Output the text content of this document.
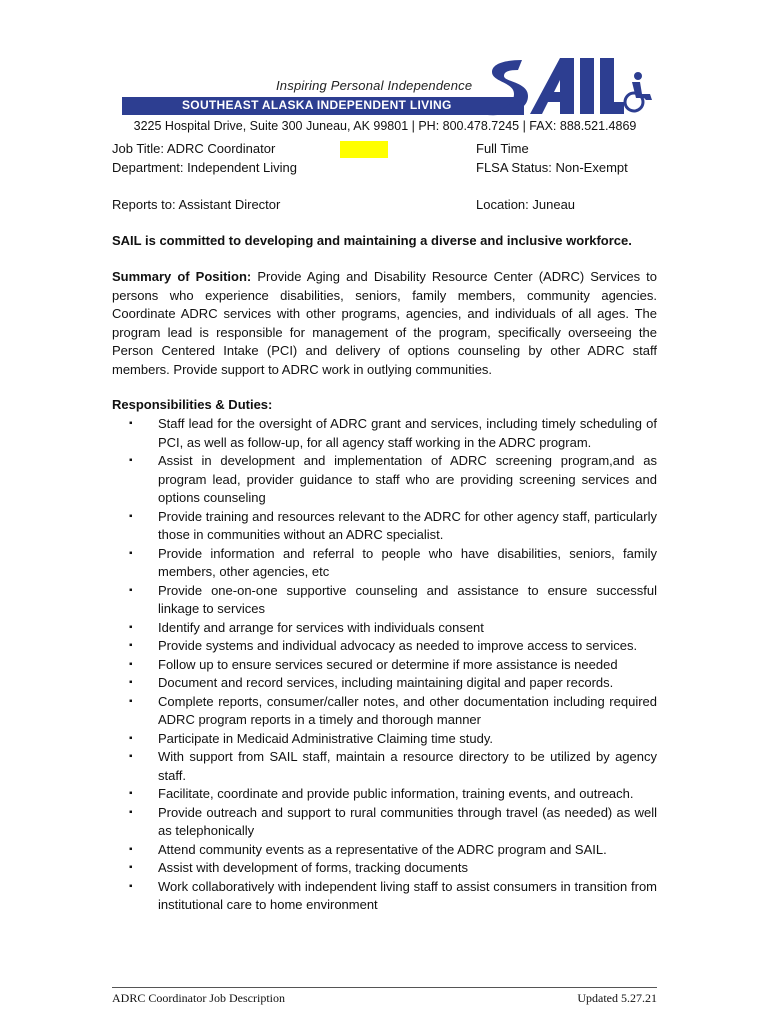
Inspiring Personal Independence
SOUTHEAST ALASKA INDEPENDENT LIVING
3225 Hospital Drive, Suite 300 Juneau, AK 99801 | PH: 800.478.7245 | FAX: 888.521.4869
Job Title: ADRC Coordinator	Full Time
Department: Independent Living	FLSA Status: Non-Exempt
Reports to: Assistant Director	Location: Juneau
SAIL is committed to developing and maintaining a diverse and inclusive workforce.
Summary of Position: Provide Aging and Disability Resource Center (ADRC) Services to persons who experience disabilities, seniors, family members, community agencies. Coordinate ADRC services with other programs, agencies, and individuals of all ages. The program lead is responsible for management of the program, specifically overseeing the Person Centered Intake (PCI) and delivery of options counseling by other ADRC staff members. Provide support to ADRC work in outlying communities.
Responsibilities & Duties:
▪ Staff lead for the oversight of ADRC grant and services, including timely scheduling of PCI, as well as follow-up, for all agency staff working in the ADRC program.
▪ Assist in development and implementation of ADRC screening program,and as program lead, provider guidance to staff who are providing screening services and options counseling
▪ Provide training and resources relevant to the ADRC for other agency staff, particularly those in communities without an ADRC specialist.
▪ Provide information and referral to people who have disabilities, seniors, family members, other agencies, etc
▪ Provide one-on-one supportive counseling and assistance to ensure successful linkage to services
▪ Identify and arrange for services with individuals consent
▪ Provide systems and individual advocacy as needed to improve access to services.
▪ Follow up to ensure services secured or determine if more assistance is needed
▪ Document and record services, including maintaining digital and paper records.
▪ Complete reports, consumer/caller notes, and other documentation including required ADRC program reports in a timely and thorough manner
▪ Participate in Medicaid Administrative Claiming time study.
▪ With support from SAIL staff, maintain a resource directory to be utilized by agency staff.
▪ Facilitate, coordinate and provide public information, training events, and outreach.
▪ Provide outreach and support to rural communities through travel (as needed) as well as telephonically
▪ Attend community events as a representative of the ADRC program and SAIL.
▪ Assist with development of forms, tracking documents
▪ Work collaboratively with independent living staff to assist consumers in transition from institutional care to home environment
ADRC Coordinator Job Description	Updated 5.27.21
